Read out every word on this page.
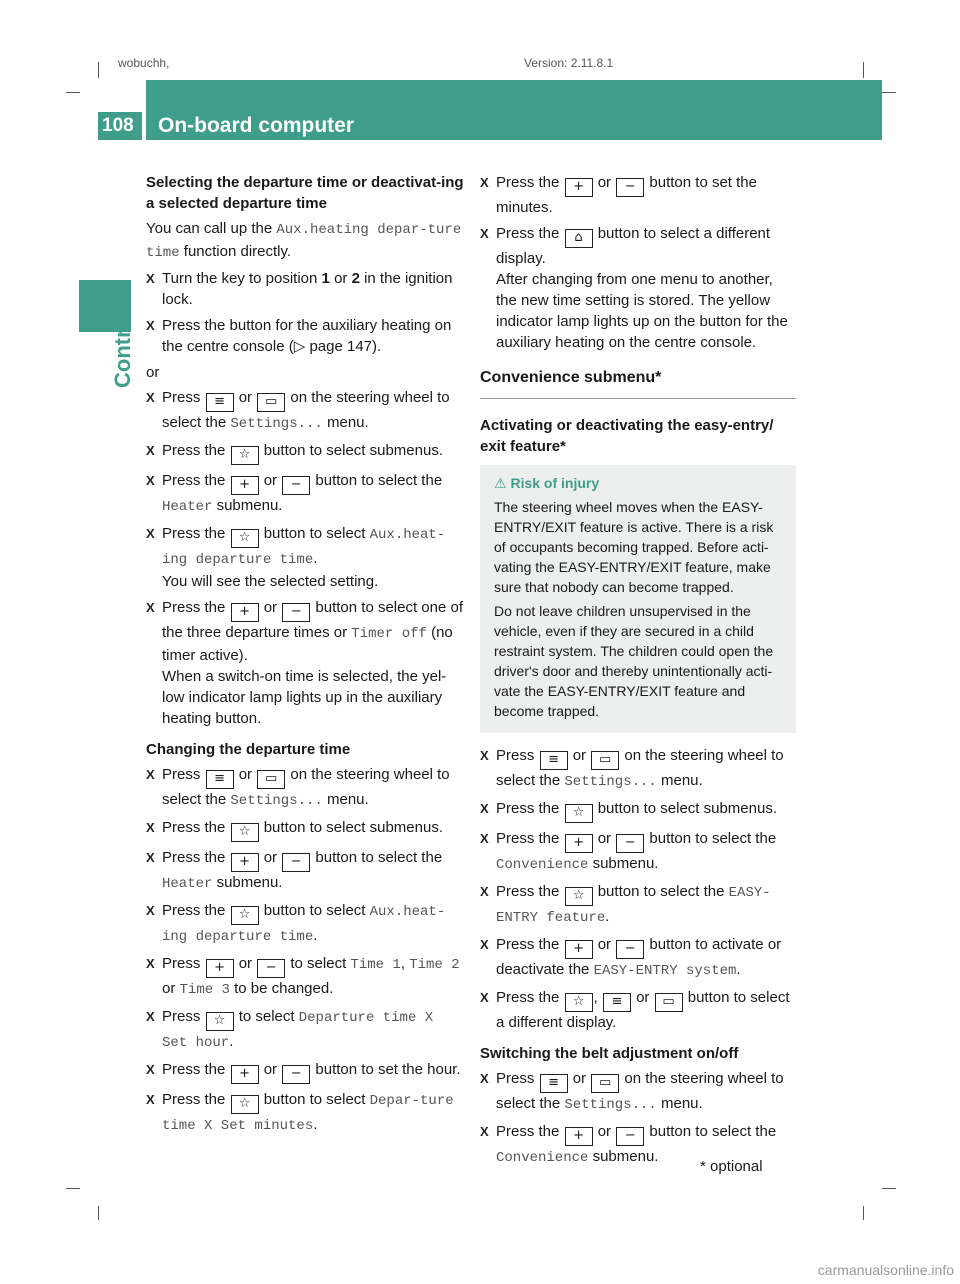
wobuchh,	Version: 2.11.8.1
108	On-board computer
Controls
Selecting the departure time or deactivat-ing a selected departure time
You can call up the Aux.heating depar-ture time function directly.
X Turn the key to position 1 or 2 in the ignition lock.
X Press the button for the auxiliary heating on the centre console (▷ page 147).
or
X Press ≡ or ▭ on the steering wheel to select the Settings... menu.
X Press the ☆ button to select submenus.
X Press the + or − button to select the Heater submenu.
X Press the ☆ button to select Aux.heat-ing departure time.
You will see the selected setting.
X Press the + or − button to select one of the three departure times or Timer off (no timer active).
When a switch-on time is selected, the yel-low indicator lamp lights up in the auxiliary heating button.
Changing the departure time
X Press ≡ or ▭ on the steering wheel to select the Settings... menu.
X Press the ☆ button to select submenus.
X Press the + or − button to select the Heater submenu.
X Press the ☆ button to select Aux.heat-ing departure time.
X Press + or − to select Time 1, Time 2 or Time 3 to be changed.
X Press ☆ to select Departure time X Set hour.
X Press the + or − button to set the hour.
X Press the ☆ button to select Depar-ture time X Set minutes.
X Press the + or − button to set the minutes.
X Press the ⌂ button to select a different display.
After changing from one menu to another, the new time setting is stored. The yellow indicator lamp lights up on the button for the auxiliary heating on the centre console.
Convenience submenu*
Activating or deactivating the easy-entry/ exit feature*
⚠ Risk of injury

The steering wheel moves when the EASY-ENTRY/EXIT feature is active. There is a risk of occupants becoming trapped. Before acti-vating the EASY-ENTRY/EXIT feature, make sure that nobody can become trapped.

Do not leave children unsupervised in the vehicle, even if they are secured in a child restraint system. The children could open the driver's door and thereby unintentionally acti-vate the EASY-ENTRY/EXIT feature and become trapped.

X Press ≡ or ▭ on the steering wheel to select the Settings... menu.
X Press the ☆ button to select submenus.
X Press the + or − button to select the Convenience submenu.
X Press the ☆ button to select the EASY-ENTRY feature.
X Press the + or − button to activate or deactivate the EASY-ENTRY system.
X Press the ☆ , ≡ or ▭ button to select a different display.
Switching the belt adjustment on/off
X Press ≡ or ▭ on the steering wheel to select the Settings... menu.
X Press the + or − button to select the Convenience submenu.
* optional
carmanualsonline.info
